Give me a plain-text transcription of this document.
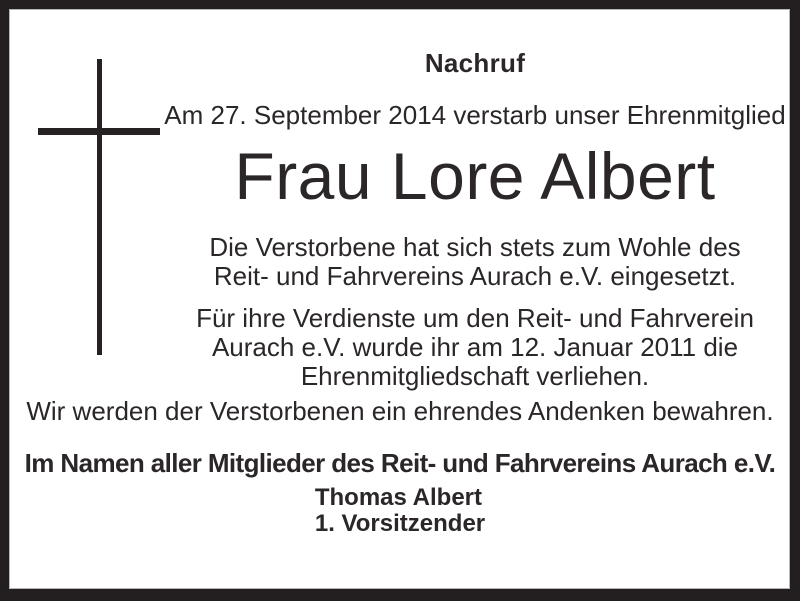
Nachruf
Am 27. September 2014 verstarb unser Ehrenmitglied
Frau Lore Albert
Die Verstorbene hat sich stets zum Wohle des
Reit- und Fahrvereins Aurach e.V. eingesetzt.
Für ihre Verdienste um den Reit- und Fahrverein
Aurach e.V. wurde ihr am 12. Januar 2011 die
Ehrenmitgliedschaft verliehen.
Wir werden der Verstorbenen ein ehrendes Andenken bewahren.
Im Namen aller Mitglieder des Reit- und Fahrvereins Aurach e.V.
Thomas Albert
1. Vorsitzender
